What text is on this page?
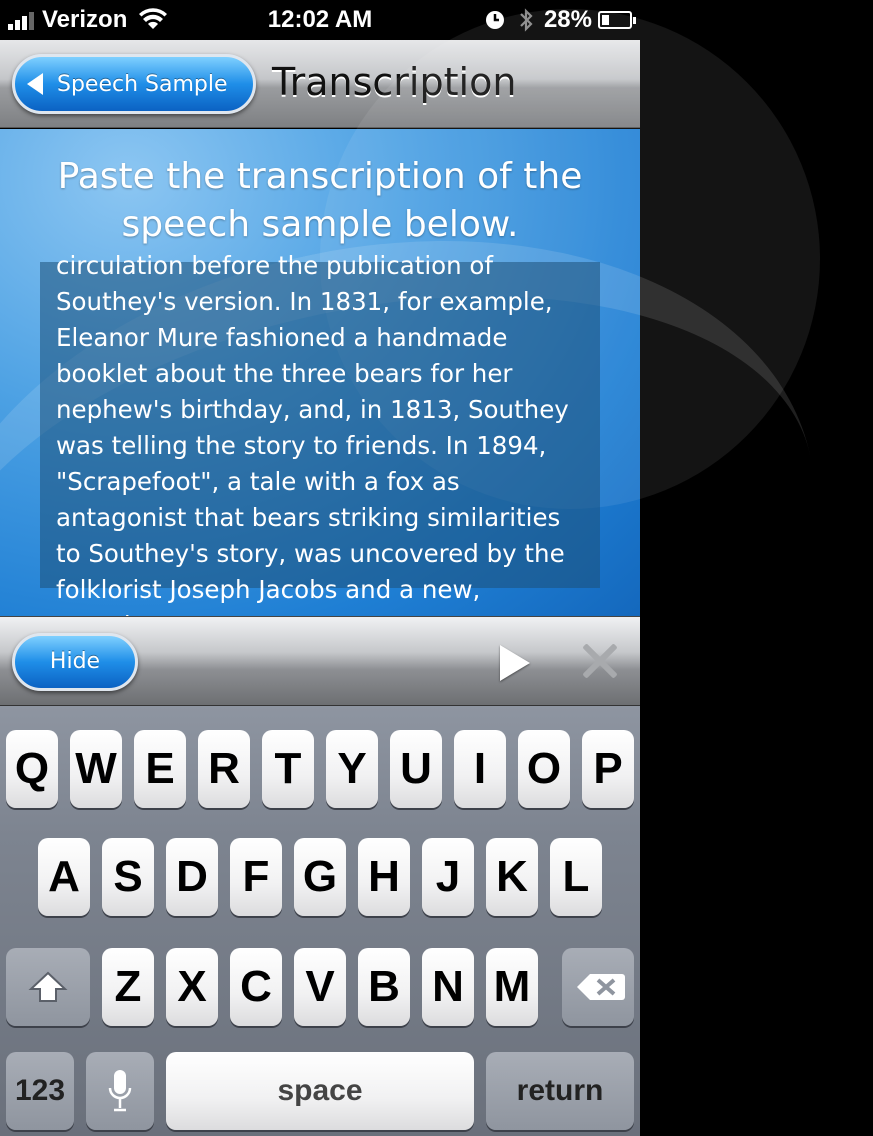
Verizon	12:02 AM	28%
Speech Sample Transcription
Paste the transcription of the speech sample below.
circulation before the publication of
Southey's version. In 1831, for example,
Eleanor Mure fashioned a handmade
booklet about the three bears for her
nephew's birthday, and, in 1813, Southey
was telling the story to friends. In 1894,
"Scrapefoot", a tale with a fox as
antagonist that bears striking similarities
to Southey's story, was uncovered by the
folklorist Joseph Jacobs and a new,
Hide
Q W E R T Y U I O P
A S D F G H J K L
Z X C V B N M
123	space	return
